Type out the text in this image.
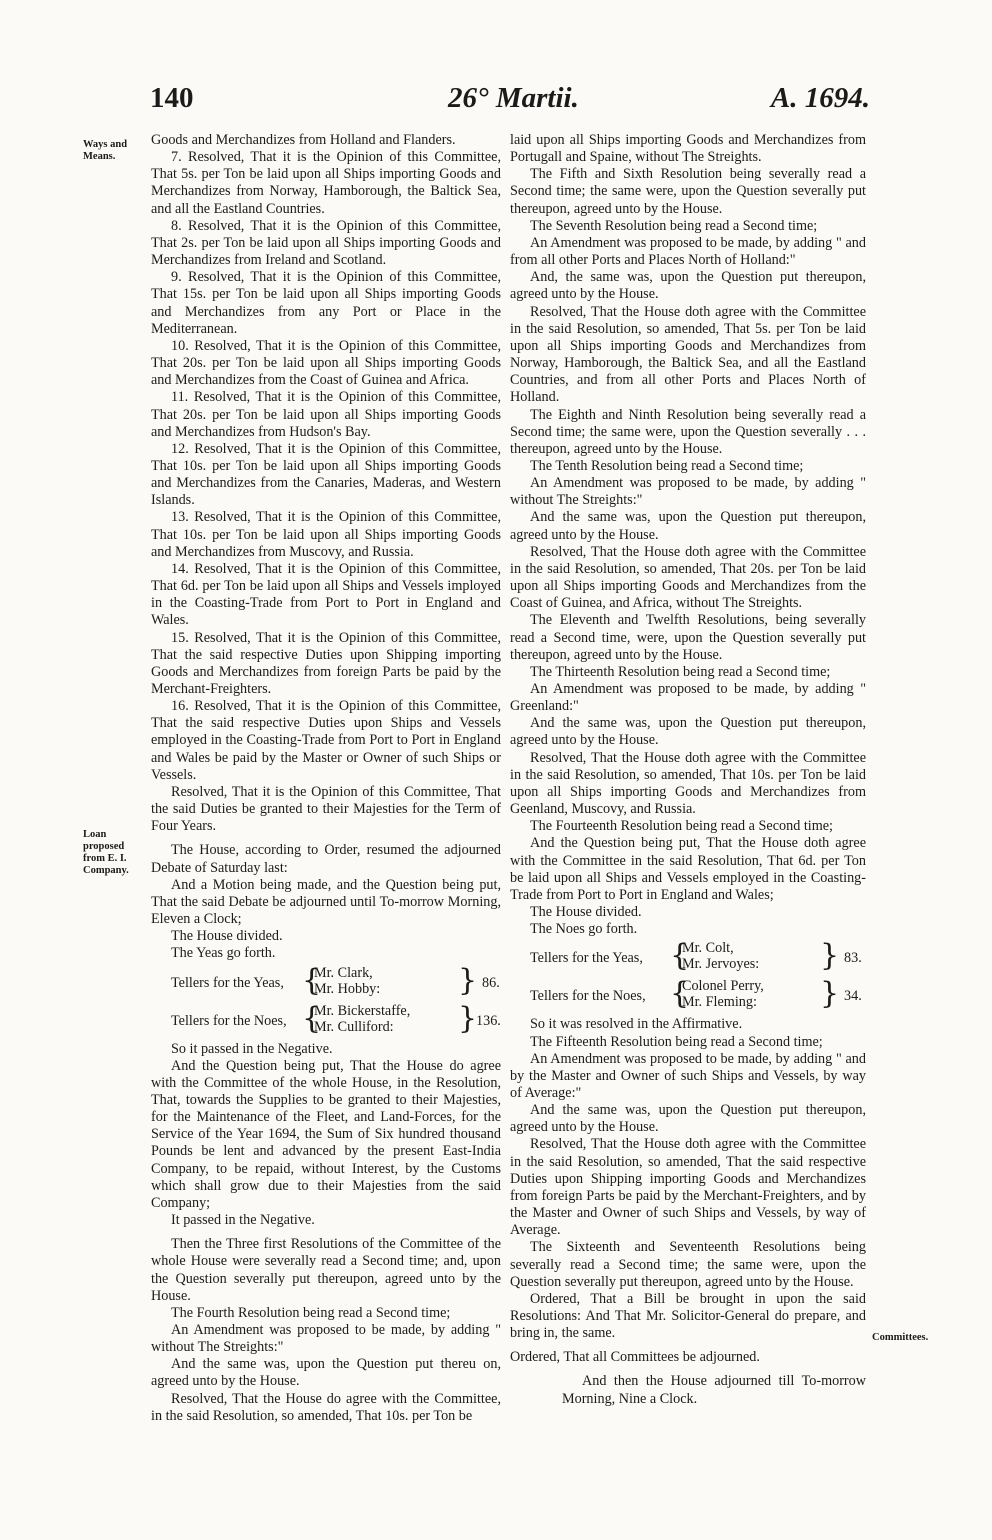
140	26° Martii.	A. 1694.
Ways and Means.
Loan proposed from E. I. Company.
Committees.

Goods and Merchandizes from Holland and Flanders.

7. Resolved, That it is the Opinion of this Committee, That 5s. per Ton be laid upon all Ships importing Goods and Merchandizes from Norway, Hamborough, the Baltick Sea, and all the Eastland Countries.

8. Resolved, That it is the Opinion of this Committee, That 2s. per Ton be laid upon all Ships importing Goods and Merchandizes from Ireland and Scotland.

9. Resolved, That it is the Opinion of this Committee, That 15s. per Ton be laid upon all Ships importing Goods and Merchandizes from any Port or Place in the Mediterranean.

10. Resolved, That it is the Opinion of this Committee, That 20s. per Ton be laid upon all Ships importing Goods and Merchandizes from the Coast of Guinea and Africa.

11. Resolved, That it is the Opinion of this Committee, That 20s. per Ton be laid upon all Ships importing Goods and Merchandizes from Hudson's Bay.

12. Resolved, That it is the Opinion of this Committee, That 10s. per Ton be laid upon all Ships importing Goods and Merchandizes from the Canaries, Maderas, and Western Islands.

13. Resolved, That it is the Opinion of this Committee, That 10s. per Ton be laid upon all Ships importing Goods and Merchandizes from Muscovy, and Russia.

14. Resolved, That it is the Opinion of this Committee, That 6d. per Ton be laid upon all Ships and Vessels imployed in the Coasting-Trade from Port to Port in England and Wales.

15. Resolved, That it is the Opinion of this Committee, That the said respective Duties upon Shipping importing Goods and Merchandizes from foreign Parts be paid by the Merchant-Freighters.

16. Resolved, That it is the Opinion of this Committee, That the said respective Duties upon Ships and Vessels employed in the Coasting-Trade from Port to Port in England and Wales be paid by the Master or Owner of such Ships or Vessels.

Resolved, That it is the Opinion of this Committee, That the said Duties be granted to their Majesties for the Term of Four Years.

The House, according to Order, resumed the adjourned Debate of Saturday last:

And a Motion being made, and the Question being put, That the said Debate be adjourned until To-morrow Morning, Eleven a Clock;

The House divided.

The Yeas go forth.

Tellers for the Yeas, {
Mr. Clark,
Mr. Hobby:	} 86.
Tellers for the Noes, {
Mr. Bickerstaffe,
Mr. Culliford:	}
136.

So it passed in the Negative.

And the Question being put, That the House do agree with the Committee of the whole House, in the Resolution, That, towards the Supplies to be granted to their Majesties, for the Maintenance of the Fleet, and Land-Forces, for the Service of the Year 1694, the Sum of Six hundred thousand Pounds be lent and advanced by the present East-India Company, to be repaid, without Interest, by the Customs which shall grow due to their Majesties from the said Company;

It passed in the Negative.

Then the Three first Resolutions of the Committee of the whole House were severally read a Second time; and, upon the Question severally put thereupon, agreed unto by the House.

The Fourth Resolution being read a Second time;

An Amendment was proposed to be made, by adding " without The Streights:"

And the same was, upon the Question put thereu on, agreed unto by the House.

Resolved, That the House do agree with the Committee, in the said Resolution, so amended, That 10s. per Ton be

laid upon all Ships importing Goods and Merchandizes from Portugall and Spaine, without The Streights.

The Fifth and Sixth Resolution being severally read a Second time; the same were, upon the Question severally put thereupon, agreed unto by the House.

The Seventh Resolution being read a Second time;

An Amendment was proposed to be made, by adding " and from all other Ports and Places North of Holland:"

And, the same was, upon the Question put thereupon, agreed unto by the House.

Resolved, That the House doth agree with the Committee in the said Resolution, so amended, That 5s. per Ton be laid upon all Ships importing Goods and Merchandizes from Norway, Hamborough, the Baltick Sea, and all the Eastland Countries, and from all other Ports and Places North of Holland.

The Eighth and Ninth Resolution being severally read a Second time; the same were, upon the Question severally . . . thereupon, agreed unto by the House.

The Tenth Resolution being read a Second time;

An Amendment was proposed to be made, by adding " without The Streights:"

And the same was, upon the Question put thereupon, agreed unto by the House.

Resolved, That the House doth agree with the Committee in the said Resolution, so amended, That 20s. per Ton be laid upon all Ships importing Goods and Merchandizes from the Coast of Guinea, and Africa, without The Streights.

The Eleventh and Twelfth Resolutions, being severally read a Second time, were, upon the Question severally put thereupon, agreed unto by the House.

The Thirteenth Resolution being read a Second time;

An Amendment was proposed to be made, by adding " Greenland:"

And the same was, upon the Question put thereupon, agreed unto by the House.

Resolved, That the House doth agree with the Committee in the said Resolution, so amended, That 10s. per Ton be laid upon all Ships importing Goods and Merchandizes from Geenland, Muscovy, and Russia.

The Fourteenth Resolution being read a Second time;

And the Question being put, That the House doth agree with the Committee in the said Resolution, That 6d. per Ton be laid upon all Ships and Vessels employed in the Coasting-Trade from Port to Port in England and Wales;

The House divided.

The Noes go forth.

Tellers for the Yeas, {
Mr. Colt,
Mr. Jervoyes: } 83.
Tellers for the Noes, {
Colonel Perry,
Mr. Fleming: } 34.

So it was resolved in the Affirmative.

The Fifteenth Resolution being read a Second time;

An Amendment was proposed to be made, by adding " and by the Master and Owner of such Ships and Vessels, by way of Average:"

And the same was, upon the Question put thereupon, agreed unto by the House.

Resolved, That the House doth agree with the Committee in the said Resolution, so amended, That the said respective Duties upon Shipping importing Goods and Merchandizes from foreign Parts be paid by the Merchant-Freighters, and by the Master and Owner of such Ships and Vessels, by way of Average.

The Sixteenth and Seventeenth Resolutions being severally read a Second time; the same were, upon the Question severally put thereupon, agreed unto by the House.

Ordered, That a Bill be brought in upon the said Resolutions: And That Mr. Solicitor-General do prepare, and bring in, the same.

Ordered, That all Committees be adjourned.

And then the House adjourned till To-morrow Morning, Nine a Clock.
